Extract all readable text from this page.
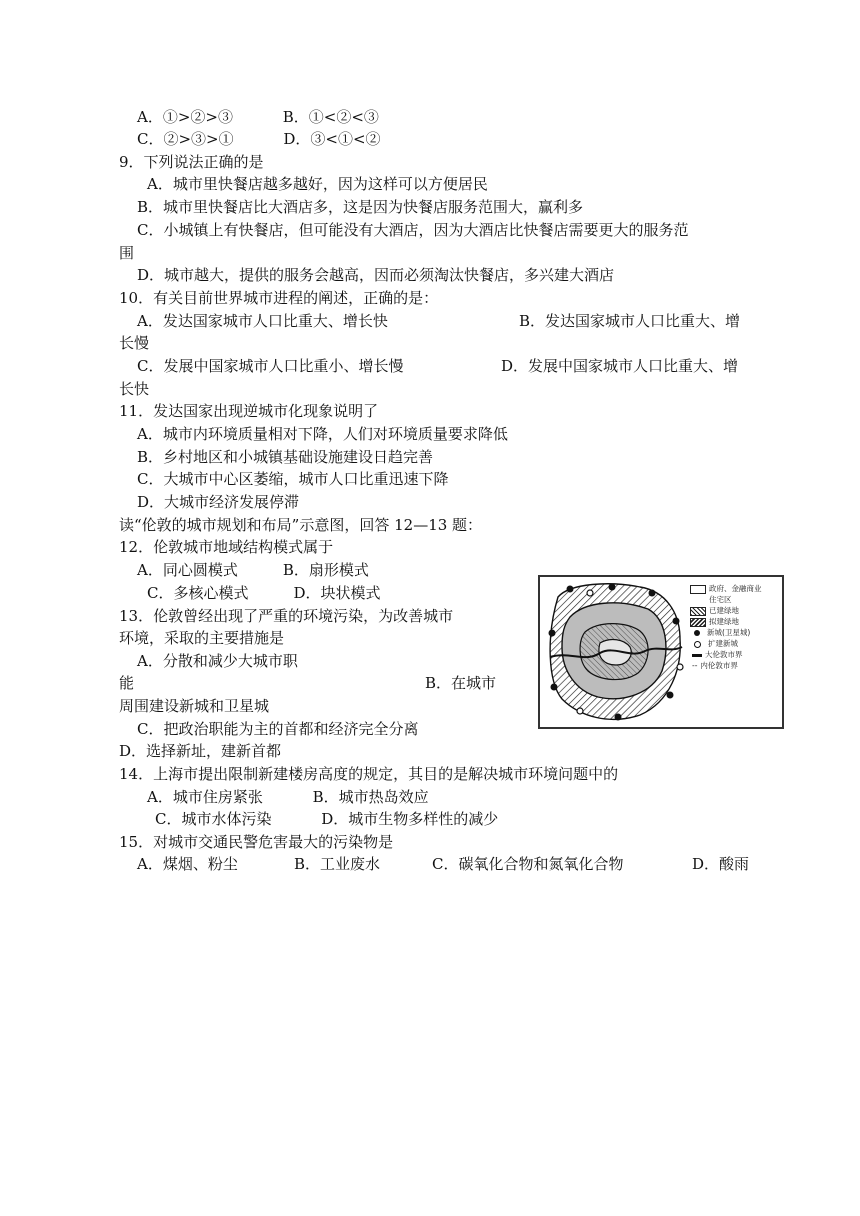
A．①>②>③　　　 B．①<②<③
C．②>③>①　　　 D．③<①<②
9．下列说法正确的是
A．城市里快餐店越多越好，因为这样可以方便居民
B．城市里快餐店比大酒店多，这是因为快餐店服务范围大，赢利多
C．小城镇上有快餐店，但可能没有大酒店，因为大酒店比快餐店需要更大的服务范
围
D．城市越大，提供的服务会越高，因而必须淘汰快餐店，多兴建大酒店
10．有关目前世界城市进程的阐述，正确的是：
A．发达国家城市人口比重大、增长快	B．发达国家城市人口比重大、增
长慢
C．发展中国家城市人口比重小、增长慢	D．发展中国家城市人口比重大、增
长快
11．发达国家出现逆城市化现象说明了
A．城市内环境质量相对下降，人们对环境质量要求降低
B．乡村地区和小城镇基础设施建设日趋完善
C．大城市中心区萎缩，城市人口比重迅速下降
D．大城市经济发展停滞
读“伦敦的城市规划和布局”示意图，回答 12—13 题：
12．伦敦城市地域结构模式属于
A．同心圆模式　　　B．扇形模式
C．多核心模式　　　D．块状模式
13．伦敦曾经出现了严重的环境污染，为改善城市
环境，采取的主要措施是
A．分散和减少大城市职
能	B．在城市
周围建设新城和卫星城
C．把政治职能为主的首都和经济完全分离
D．选择新址，建新首都
14．上海市提出限制新建楼房高度的规定，其目的是解决城市环境问题中的
A．城市住房紧张　　　 B．城市热岛效应
C．城市水体污染　　　 D．城市生物多样性的减少
15．对城市交通民警危害最大的污染物是
A．煤烟、粉尘	B．工业废水	C．碳氧化合物和氮氧化合物	D．酸雨
政府、金融商业
住宅区
已建绿地
拟建绿地
新城(卫星城)
扩建新城
大伦敦市界
-- 内伦敦市界
